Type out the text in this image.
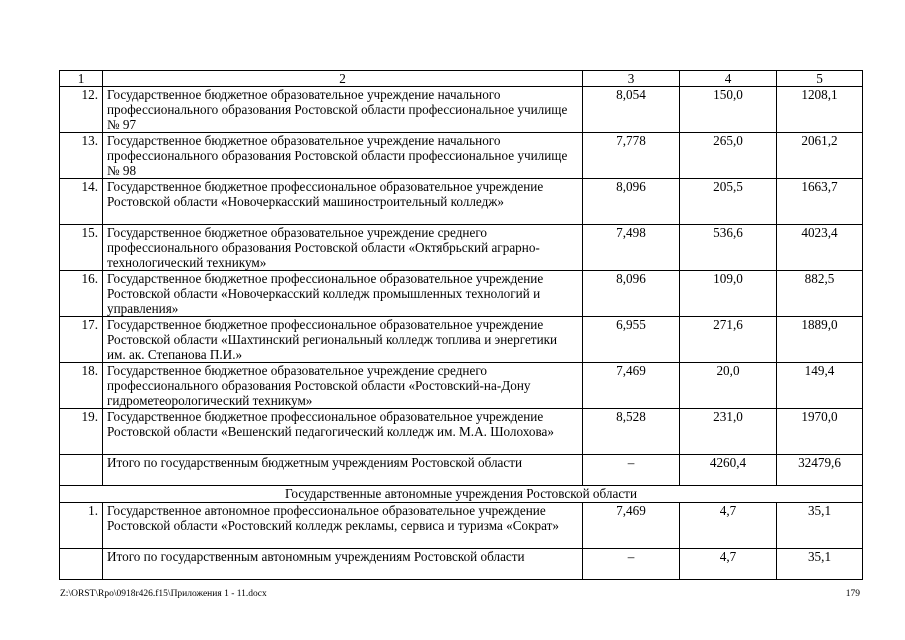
1	2	3	4	5
12.	Государственное бюджетное образовательное учреждение начального профессионального образования Ростовской области профессиональное училище № 97	8,054	150,0	1208,1
13.	Государственное бюджетное образовательное учреждение начального профессионального образования Ростовской области профессиональное училище № 98	7,778	265,0	2061,2
14.	Государственное бюджетное профессиональное образовательное учреждение Ростовской области «Новочеркасский машиностроительный колледж»	8,096	205,5	1663,7
15.	Государственное бюджетное образовательное учреждение среднего профессионального образования Ростовской области «Октябрьский аграрно-технологический техникум»	7,498	536,6	4023,4
16.	Государственное бюджетное профессиональное образовательное учреждение Ростовской области «Новочеркасский колледж промышленных технологий и управления»	8,096	109,0	882,5
17.	Государственное бюджетное профессиональное образовательное учреждение Ростовской области «Шахтинский региональный колледж топлива и энергетики им. ак. Степанова П.И.»	6,955	271,6	1889,0
18.	Государственное бюджетное образовательное учреждение среднего профессионального образования Ростовской области «Ростовский-на-Дону гидрометеорологический техникум»	7,469	20,0	149,4
19.	Государственное бюджетное профессиональное образовательное учреждение Ростовской области «Вешенский педагогический колледж им. М.А. Шолохова»	8,528	231,0	1970,0
	Итого по государственным бюджетным учреждениям Ростовской области	–	4260,4	32479,6
Государственные автономные учреждения Ростовской области				
1.	Государственное автономное профессиональное образовательное учреждение Ростовской области «Ростовский колледж рекламы, сервиса и туризма «Сократ»	7,469	4,7	35,1
	Итого по государственным автономным учреждениям Ростовской области	–	4,7	35,1
Z:\ORST\Rpo\0918r426.f15\Приложения 1 - 11.docx	179
